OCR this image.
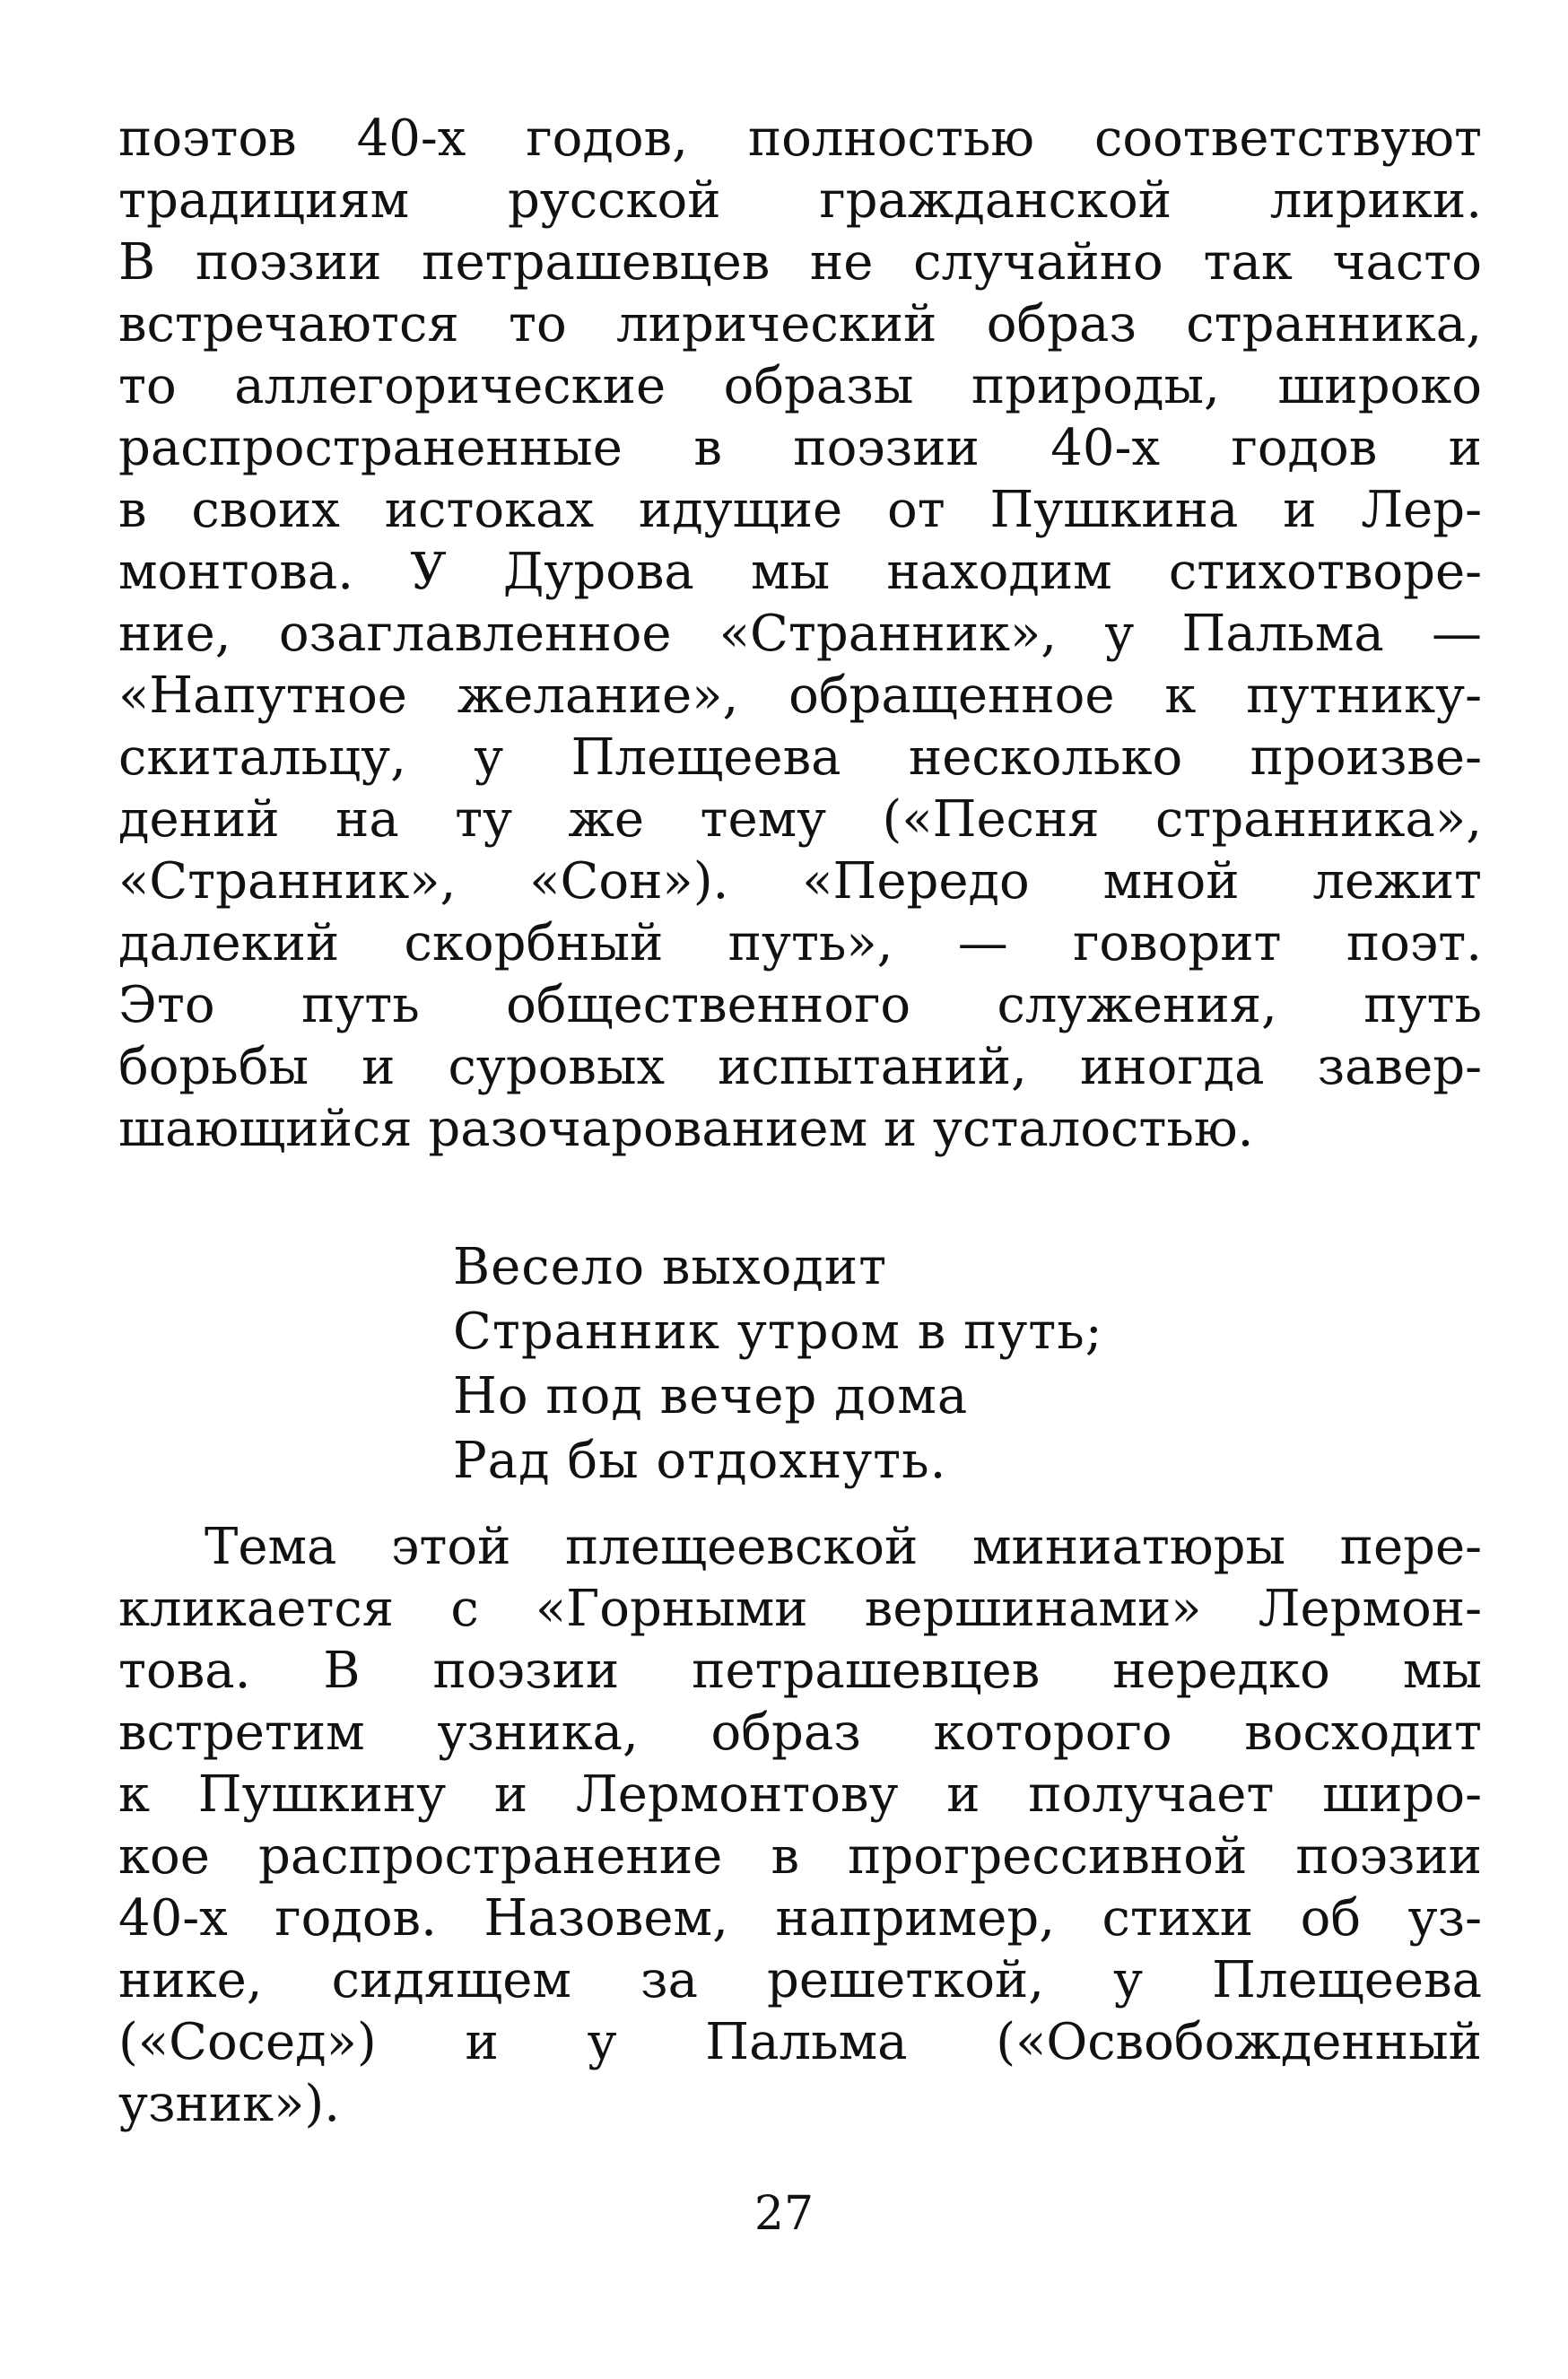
поэтов 40-х годов, полностью соответствуют
традициям русской гражданской лирики.
В поэзии петрашевцев не случайно так часто
встречаются то лирический образ странника,
то аллегорические образы природы, широко
распространенные в поэзии 40-х годов и
в своих истоках идущие от Пушкина и Лер-
монтова. У Дурова мы находим стихотворе-
ние, озаглавленное «Странник», у Пальма —
«Напутное желание», обращенное к путнику-
скитальцу, у Плещеева несколько произве-
дений на ту же тему («Песня странника»,
«Странник», «Сон»). «Передо мной лежит
далекий скорбный путь», — говорит поэт.
Это путь общественного служения, путь
борьбы и суровых испытаний, иногда завер-
шающийся разочарованием и усталостью.
Весело выходит
Странник утром в путь;
Но под вечер дома
Рад бы отдохнуть.
Тема этой плещеевской миниатюры пере-
кликается с «Горными вершинами» Лермон-
това. В поэзии петрашевцев нередко мы
встретим узника, образ которого восходит
к Пушкину и Лермонтову и получает широ-
кое распространение в прогрессивной поэзии
40-х годов. Назовем, например, стихи об уз-
нике, сидящем за решеткой, у Плещеева
(«Сосед») и у Пальма («Освобожденный
узник»).
27
